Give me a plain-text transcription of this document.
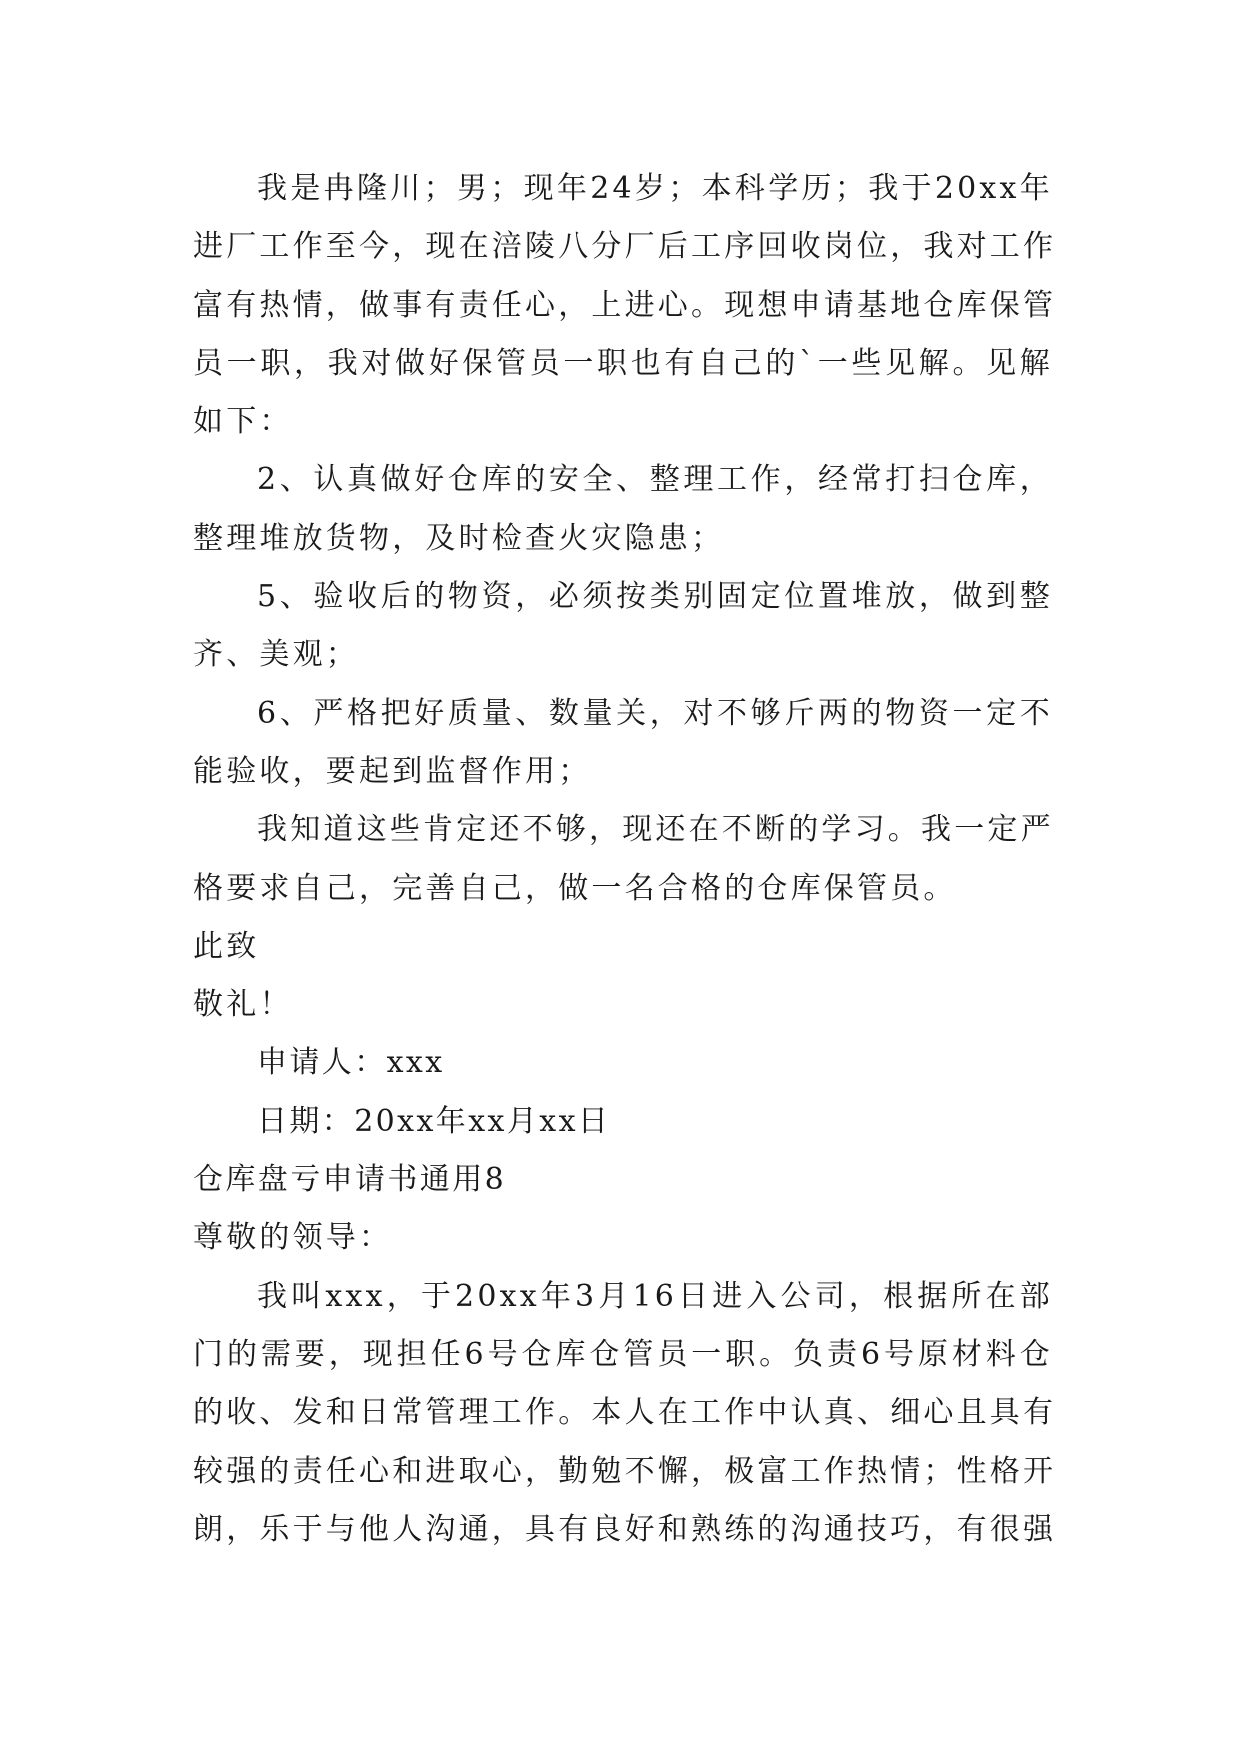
我是冉隆川；男；现年24岁；本科学历；我于20xx年
进厂工作至今，现在涪陵八分厂后工序回收岗位，我对工作
富有热情，做事有责任心，上进心。现想申请基地仓库保管
员一职，我对做好保管员一职也有自己的`一些见解。见解
如下：
2、认真做好仓库的安全、整理工作，经常打扫仓库，
整理堆放货物，及时检查火灾隐患；
5、验收后的物资，必须按类别固定位置堆放，做到整
齐、美观；
6、严格把好质量、数量关，对不够斤两的物资一定不
能验收，要起到监督作用；
我知道这些肯定还不够，现还在不断的学习。我一定严
格要求自己，完善自己，做一名合格的仓库保管员。
此致
敬礼！
申请人：xxx
日期：20xx年xx月xx日
仓库盘亏申请书通用8
尊敬的领导：
我叫xxx，于20xx年3月16日进入公司，根据所在部
门的需要，现担任6号仓库仓管员一职。负责6号原材料仓
的收、发和日常管理工作。本人在工作中认真、细心且具有
较强的责任心和进取心，勤勉不懈，极富工作热情；性格开
朗，乐于与他人沟通，具有良好和熟练的沟通技巧，有很强
